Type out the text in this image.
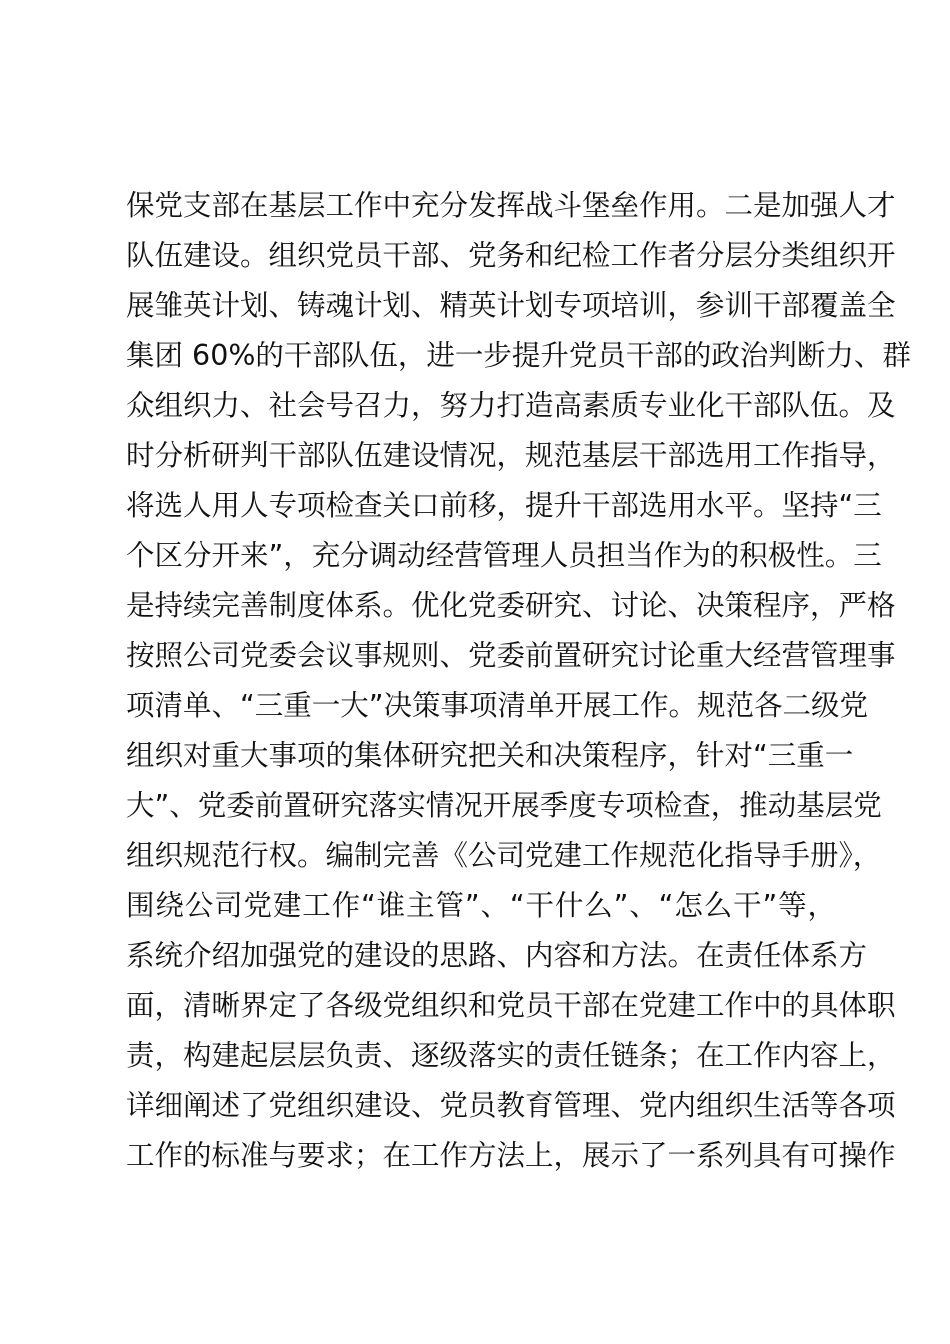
保党支部在基层工作中充分发挥战斗堡垒作用。二是加强人才
队伍建设。组织党员干部、党务和纪检工作者分层分类组织开
展雏英计划、铸魂计划、精英计划专项培训，参训干部覆盖全
集团 60%的干部队伍，进一步提升党员干部的政治判断力、群
众组织力、社会号召力，努力打造高素质专业化干部队伍。及
时分析研判干部队伍建设情况，规范基层干部选用工作指导，
将选人用人专项检查关口前移，提升干部选用水平。坚持“三
个区分开来”，充分调动经营管理人员担当作为的积极性。三
是持续完善制度体系。优化党委研究、讨论、决策程序，严格
按照公司党委会议事规则、党委前置研究讨论重大经营管理事
项清单、“三重一大”决策事项清单开展工作。规范各二级党
组织对重大事项的集体研究把关和决策程序，针对“三重一
大”、党委前置研究落实情况开展季度专项检查，推动基层党
组织规范行权。编制完善《公司党建工作规范化指导手册》，
围绕公司党建工作“谁主管”、“干什么”、“怎么干”等，
系统介绍加强党的建设的思路、内容和方法。在责任体系方
面，清晰界定了各级党组织和党员干部在党建工作中的具体职
责，构建起层层负责、逐级落实的责任链条；在工作内容上，
详细阐述了党组织建设、党员教育管理、党内组织生活等各项
工作的标准与要求；在工作方法上，展示了一系列具有可操作
